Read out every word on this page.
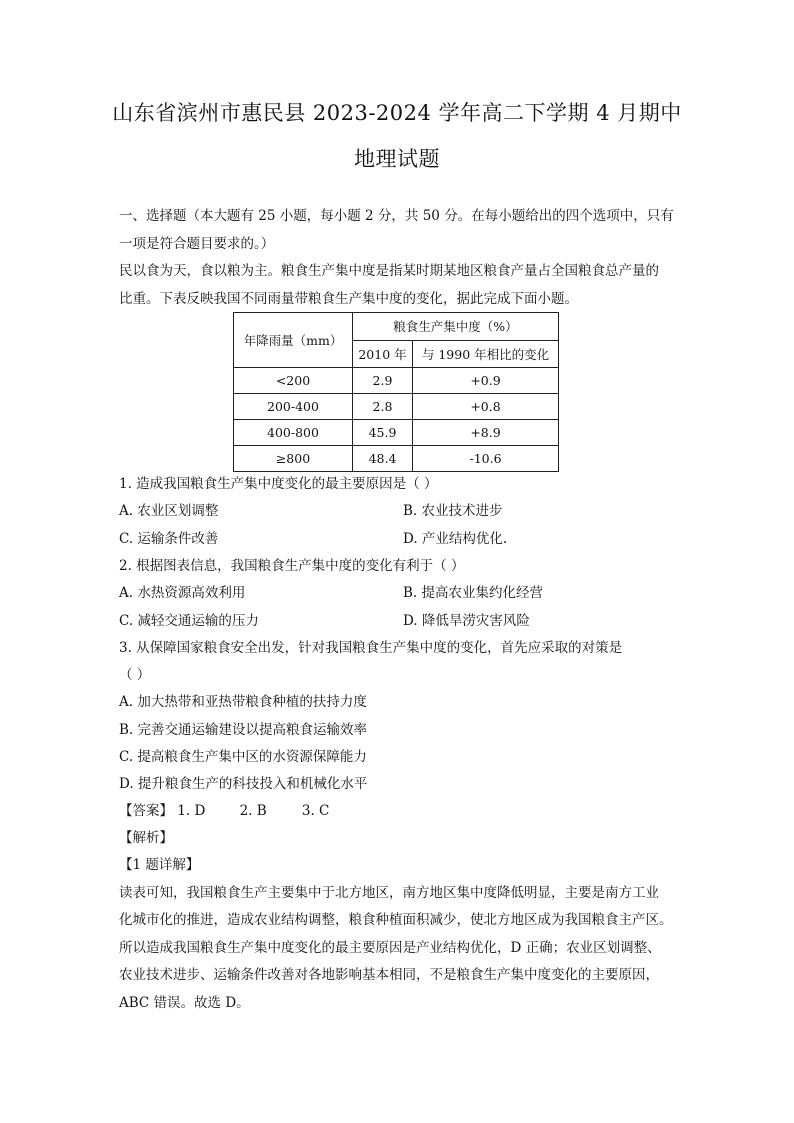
山东省滨州市惠民县 2023-2024 学年高二下学期 4 月期中
地理试题
一、选择题（本大题有 25 小题，每小题 2 分，共 50 分。在每小题给出的四个选项中，只有
一项是符合题目要求的。）
民以食为天，食以粮为主。粮食生产集中度是指某时期某地区粮食产量占全国粮食总产量的
比重。下表反映我国不同雨量带粮食生产集中度的变化，据此完成下面小题。
年降雨量（mm）	粮食生产集中度（%）	
	2010 年	与 1990 年相比的变化
<200	2.9	+0.9
200-400	2.8	+0.8
400-800	45.9	+8.9
≥800	48.4	-10.6
1. 造成我国粮食生产集中度变化的最主要原因是（ ）
A. 农业区划调整	B. 农业技术进步
C. 运输条件改善	D. 产业结构优化.
2. 根据图表信息，我国粮食生产集中度的变化有利于（ ）
A. 水热资源高效利用	B. 提高农业集约化经营
C. 减轻交通运输的压力	D. 降低旱涝灾害风险
3. 从保障国家粮食安全出发，针对我国粮食生产集中度的变化，首先应采取的对策是
（ ）
A. 加大热带和亚热带粮食种植的扶持力度
B. 完善交通运输建设以提高粮食运输效率
C. 提高粮食生产集中区的水资源保障能力
D. 提升粮食生产的科技投入和机械化水平
【答案】 1. D	2. B	3. C
【解析】
【1 题详解】
读表可知，我国粮食生产主要集中于北方地区，南方地区集中度降低明显，主要是南方工业
化城市化的推进，造成农业结构调整，粮食种植面积减少，使北方地区成为我国粮食主产区。
所以造成我国粮食生产集中度变化的最主要原因是产业结构优化，D 正确；农业区划调整、
农业技术进步、运输条件改善对各地影响基本相同，不是粮食生产集中度变化的主要原因，
ABC 错误。故选 D。
